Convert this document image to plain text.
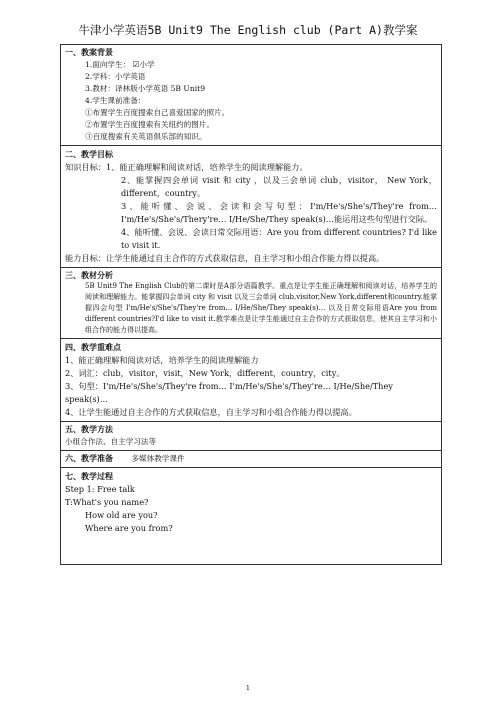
牛津小学英语5B Unit9 The English club (Part A)教学案
一、教案背景
1.面向学生： ☑小学
2.学科：小学英语
3.教材：译林版小学英语 5B Unit9
4.学生课前准备：
①布置学生百度搜索自己喜爱国家的照片。
②布置学生百度搜索有关纽约的图片。
③百度搜索有关英语俱乐部的知识。
二、教学目标
知识目标：1、能正确理解和阅读对话，培养学生的阅读理解能力。
2、能掌握四会单词 visit 和 city ，以及三会单词 club，visitor， New York，different，country。
3、能听懂、会说、会读和会写句型：I'm/He's/She's/They're from… I'm/He's/She's/Thery're… I/He/She/They speak(s)…能运用这些句型进行交际。
4、能听懂、会说、会读日常交际用语：Are you from different countries? I'd like to visit it.
能力目标：让学生能通过自主合作的方式获取信息，自主学习和小组合作能力得以提高。
三、教材分析
5B Unit9 The English Club的第二课时是A部分语篇教学。重点是让学生能正确理解和阅读对话，培养学生的阅读和理解能力。能掌握四会单词 city 和 visit 以及三会单词 club,visitor,New York,different和country.能掌握四会句型 I'm/He's/She's/They're from… I/He/She/They speak(s)… 以及日常交际用语Are you from different countries?I'd like to visit it.教学难点是让学生能通过自主合作的方式获取信息，使其自主学习和小组合作的能力得以提高。
四、教学重难点
1、能正确理解和阅读对话，培养学生的阅读理解能力
2、词汇：club，visitor，visit，New York，different，country，city。
3、句型：I'm/He's/She's/They're from… I'm/He's/She's/They're… I/He/She/They speak(s)…
4、让学生能通过自主合作的方式获取信息，自主学习和小组合作能力得以提高。
五、教学方法
小组合作法、自主学习法等
六、教学准备 多媒体教学课件
七、教学过程
Step 1: Free talk
T:What's you name?
How old are you?
Where are you from?
1
